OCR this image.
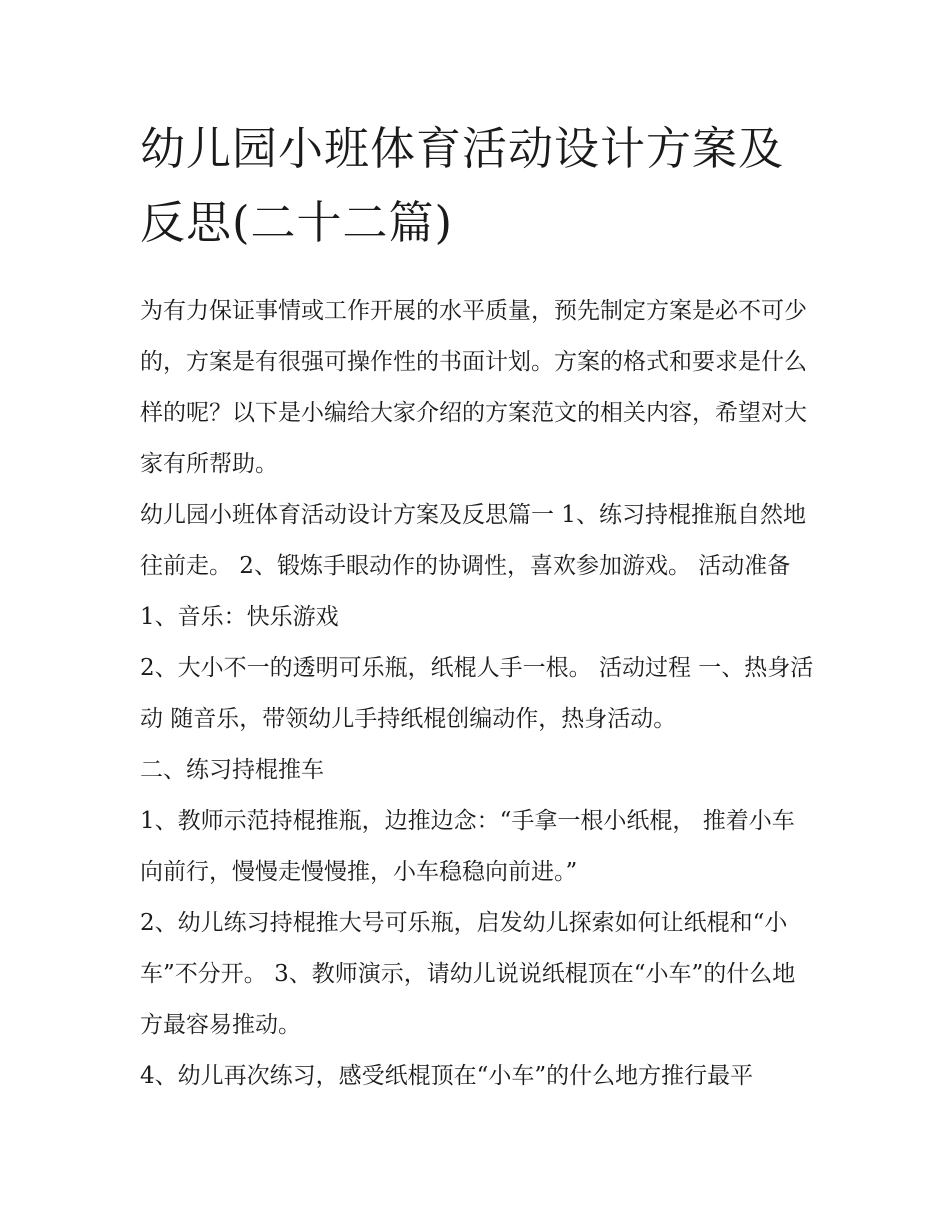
幼儿园小班体育活动设计方案及反思(二十二篇)

为有力保证事情或工作开展的水平质量，预先制定方案是必不可少的，方案是有很强可操作性的书面计划。方案的格式和要求是什么样的呢？以下是小编给大家介绍的方案范文的相关内容，希望对大家有所帮助。

幼儿园小班体育活动设计方案及反思篇一 1、练习持棍推瓶自然地往前走。 2、锻炼手眼动作的协调性，喜欢参加游戏。 活动准备 1、音乐：快乐游戏

2、大小不一的透明可乐瓶，纸棍人手一根。 活动过程 一、热身活动 随音乐，带领幼儿手持纸棍创编动作，热身活动。

二、练习持棍推车

1、教师示范持棍推瓶，边推边念：“手拿一根小纸棍， 推着小车向前行，慢慢走慢慢推，小车稳稳向前进。”

2、幼儿练习持棍推大号可乐瓶，启发幼儿探索如何让纸棍和“小车”不分开。 3、教师演示，请幼儿说说纸棍顶在“小车”的什么地方最容易推动。

4、幼儿再次练习，感受纸棍顶在“小车”的什么地方推行最平
